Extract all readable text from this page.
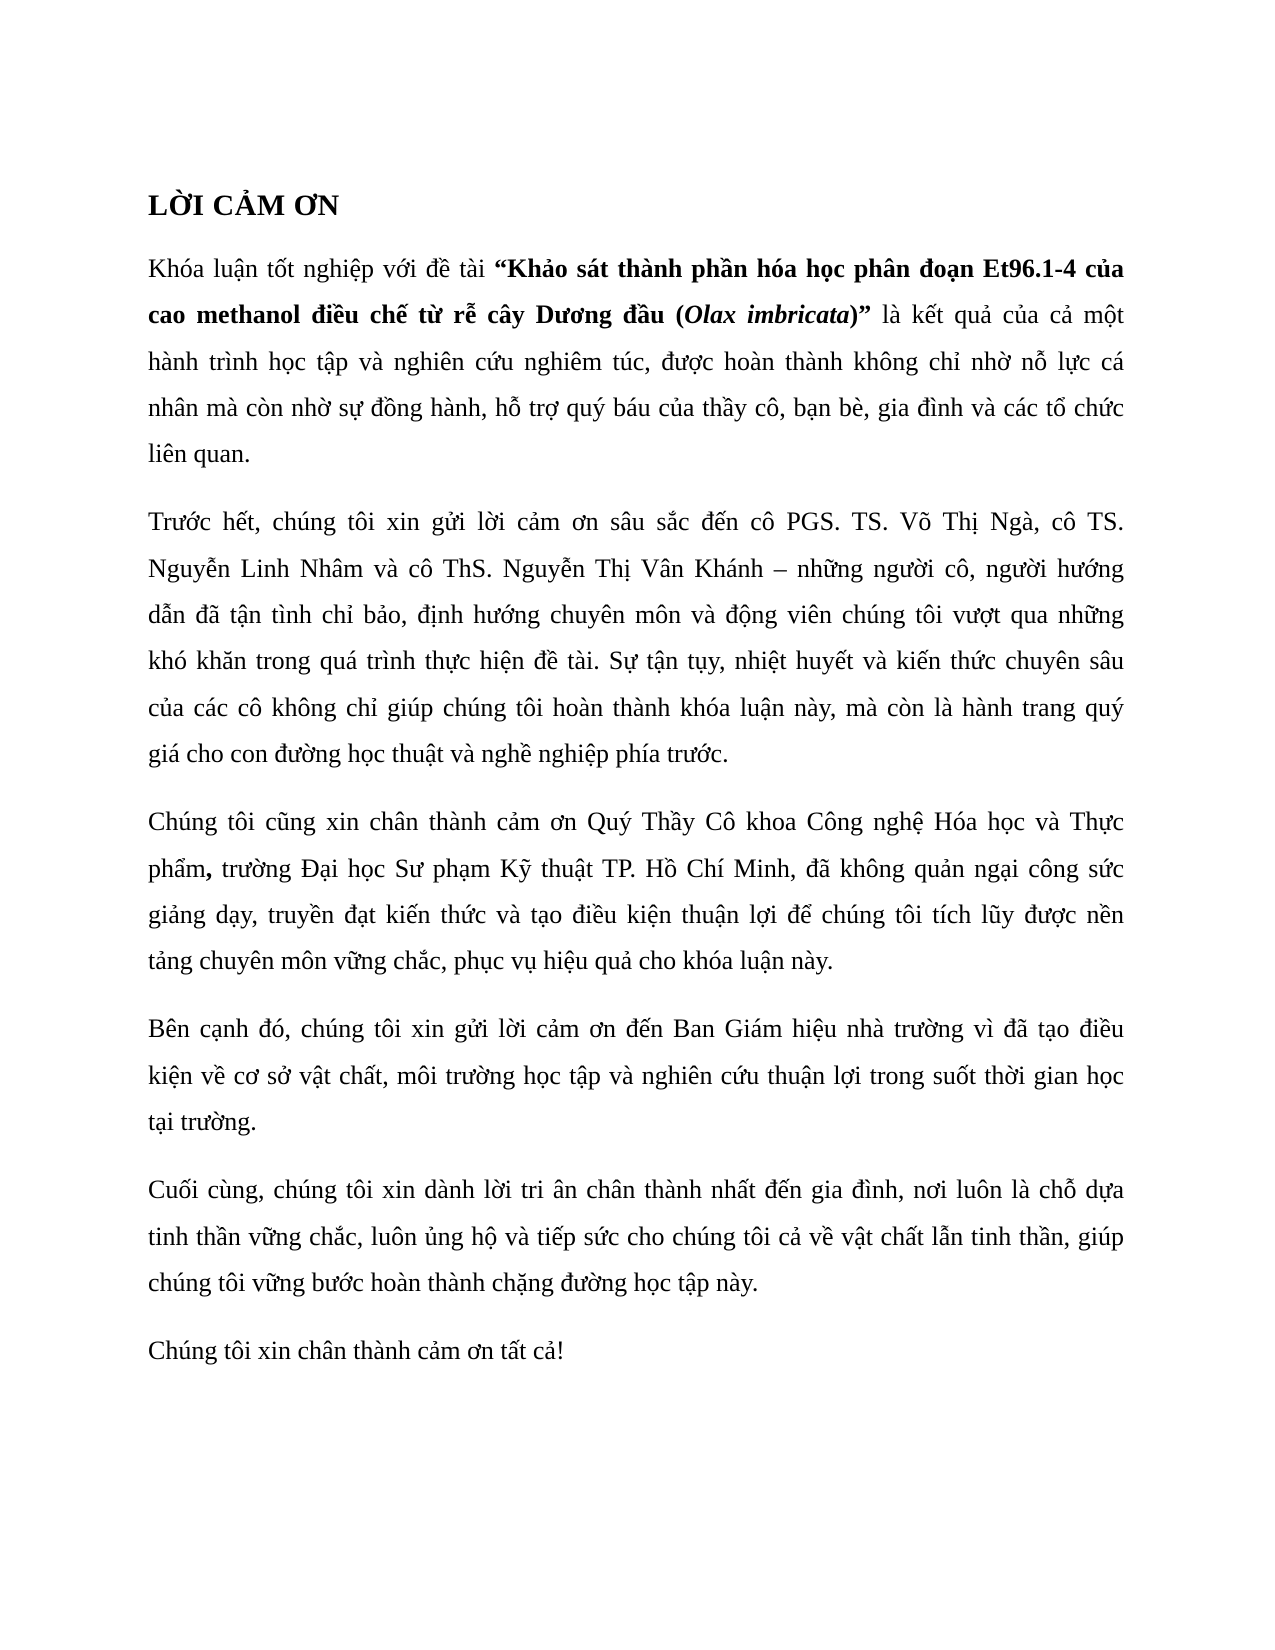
LỜI CẢM ƠN
Khóa luận tốt nghiệp với đề tài “Khảo sát thành phần hóa học phân đoạn Et96.1-4 của
cao methanol điều chế từ rễ cây Dương đầu (Olax imbricata)” là kết quả của cả một
hành trình học tập và nghiên cứu nghiêm túc, được hoàn thành không chỉ nhờ nỗ lực cá
nhân mà còn nhờ sự đồng hành, hỗ trợ quý báu của thầy cô, bạn bè, gia đình và các tổ chức
liên quan.
Trước hết, chúng tôi xin gửi lời cảm ơn sâu sắc đến cô PGS. TS. Võ Thị Ngà, cô TS.
Nguyễn Linh Nhâm và cô ThS. Nguyễn Thị Vân Khánh – những người cô, người hướng
dẫn đã tận tình chỉ bảo, định hướng chuyên môn và động viên chúng tôi vượt qua những
khó khăn trong quá trình thực hiện đề tài. Sự tận tụy, nhiệt huyết và kiến thức chuyên sâu
của các cô không chỉ giúp chúng tôi hoàn thành khóa luận này, mà còn là hành trang quý
giá cho con đường học thuật và nghề nghiệp phía trước.
Chúng tôi cũng xin chân thành cảm ơn Quý Thầy Cô khoa Công nghệ Hóa học và Thực
phẩm, trường Đại học Sư phạm Kỹ thuật TP. Hồ Chí Minh, đã không quản ngại công sức
giảng dạy, truyền đạt kiến thức và tạo điều kiện thuận lợi để chúng tôi tích lũy được nền
tảng chuyên môn vững chắc, phục vụ hiệu quả cho khóa luận này.
Bên cạnh đó, chúng tôi xin gửi lời cảm ơn đến Ban Giám hiệu nhà trường vì đã tạo điều
kiện về cơ sở vật chất, môi trường học tập và nghiên cứu thuận lợi trong suốt thời gian học
tại trường.
Cuối cùng, chúng tôi xin dành lời tri ân chân thành nhất đến gia đình, nơi luôn là chỗ dựa
tinh thần vững chắc, luôn ủng hộ và tiếp sức cho chúng tôi cả về vật chất lẫn tinh thần, giúp
chúng tôi vững bước hoàn thành chặng đường học tập này.
Chúng tôi xin chân thành cảm ơn tất cả!
